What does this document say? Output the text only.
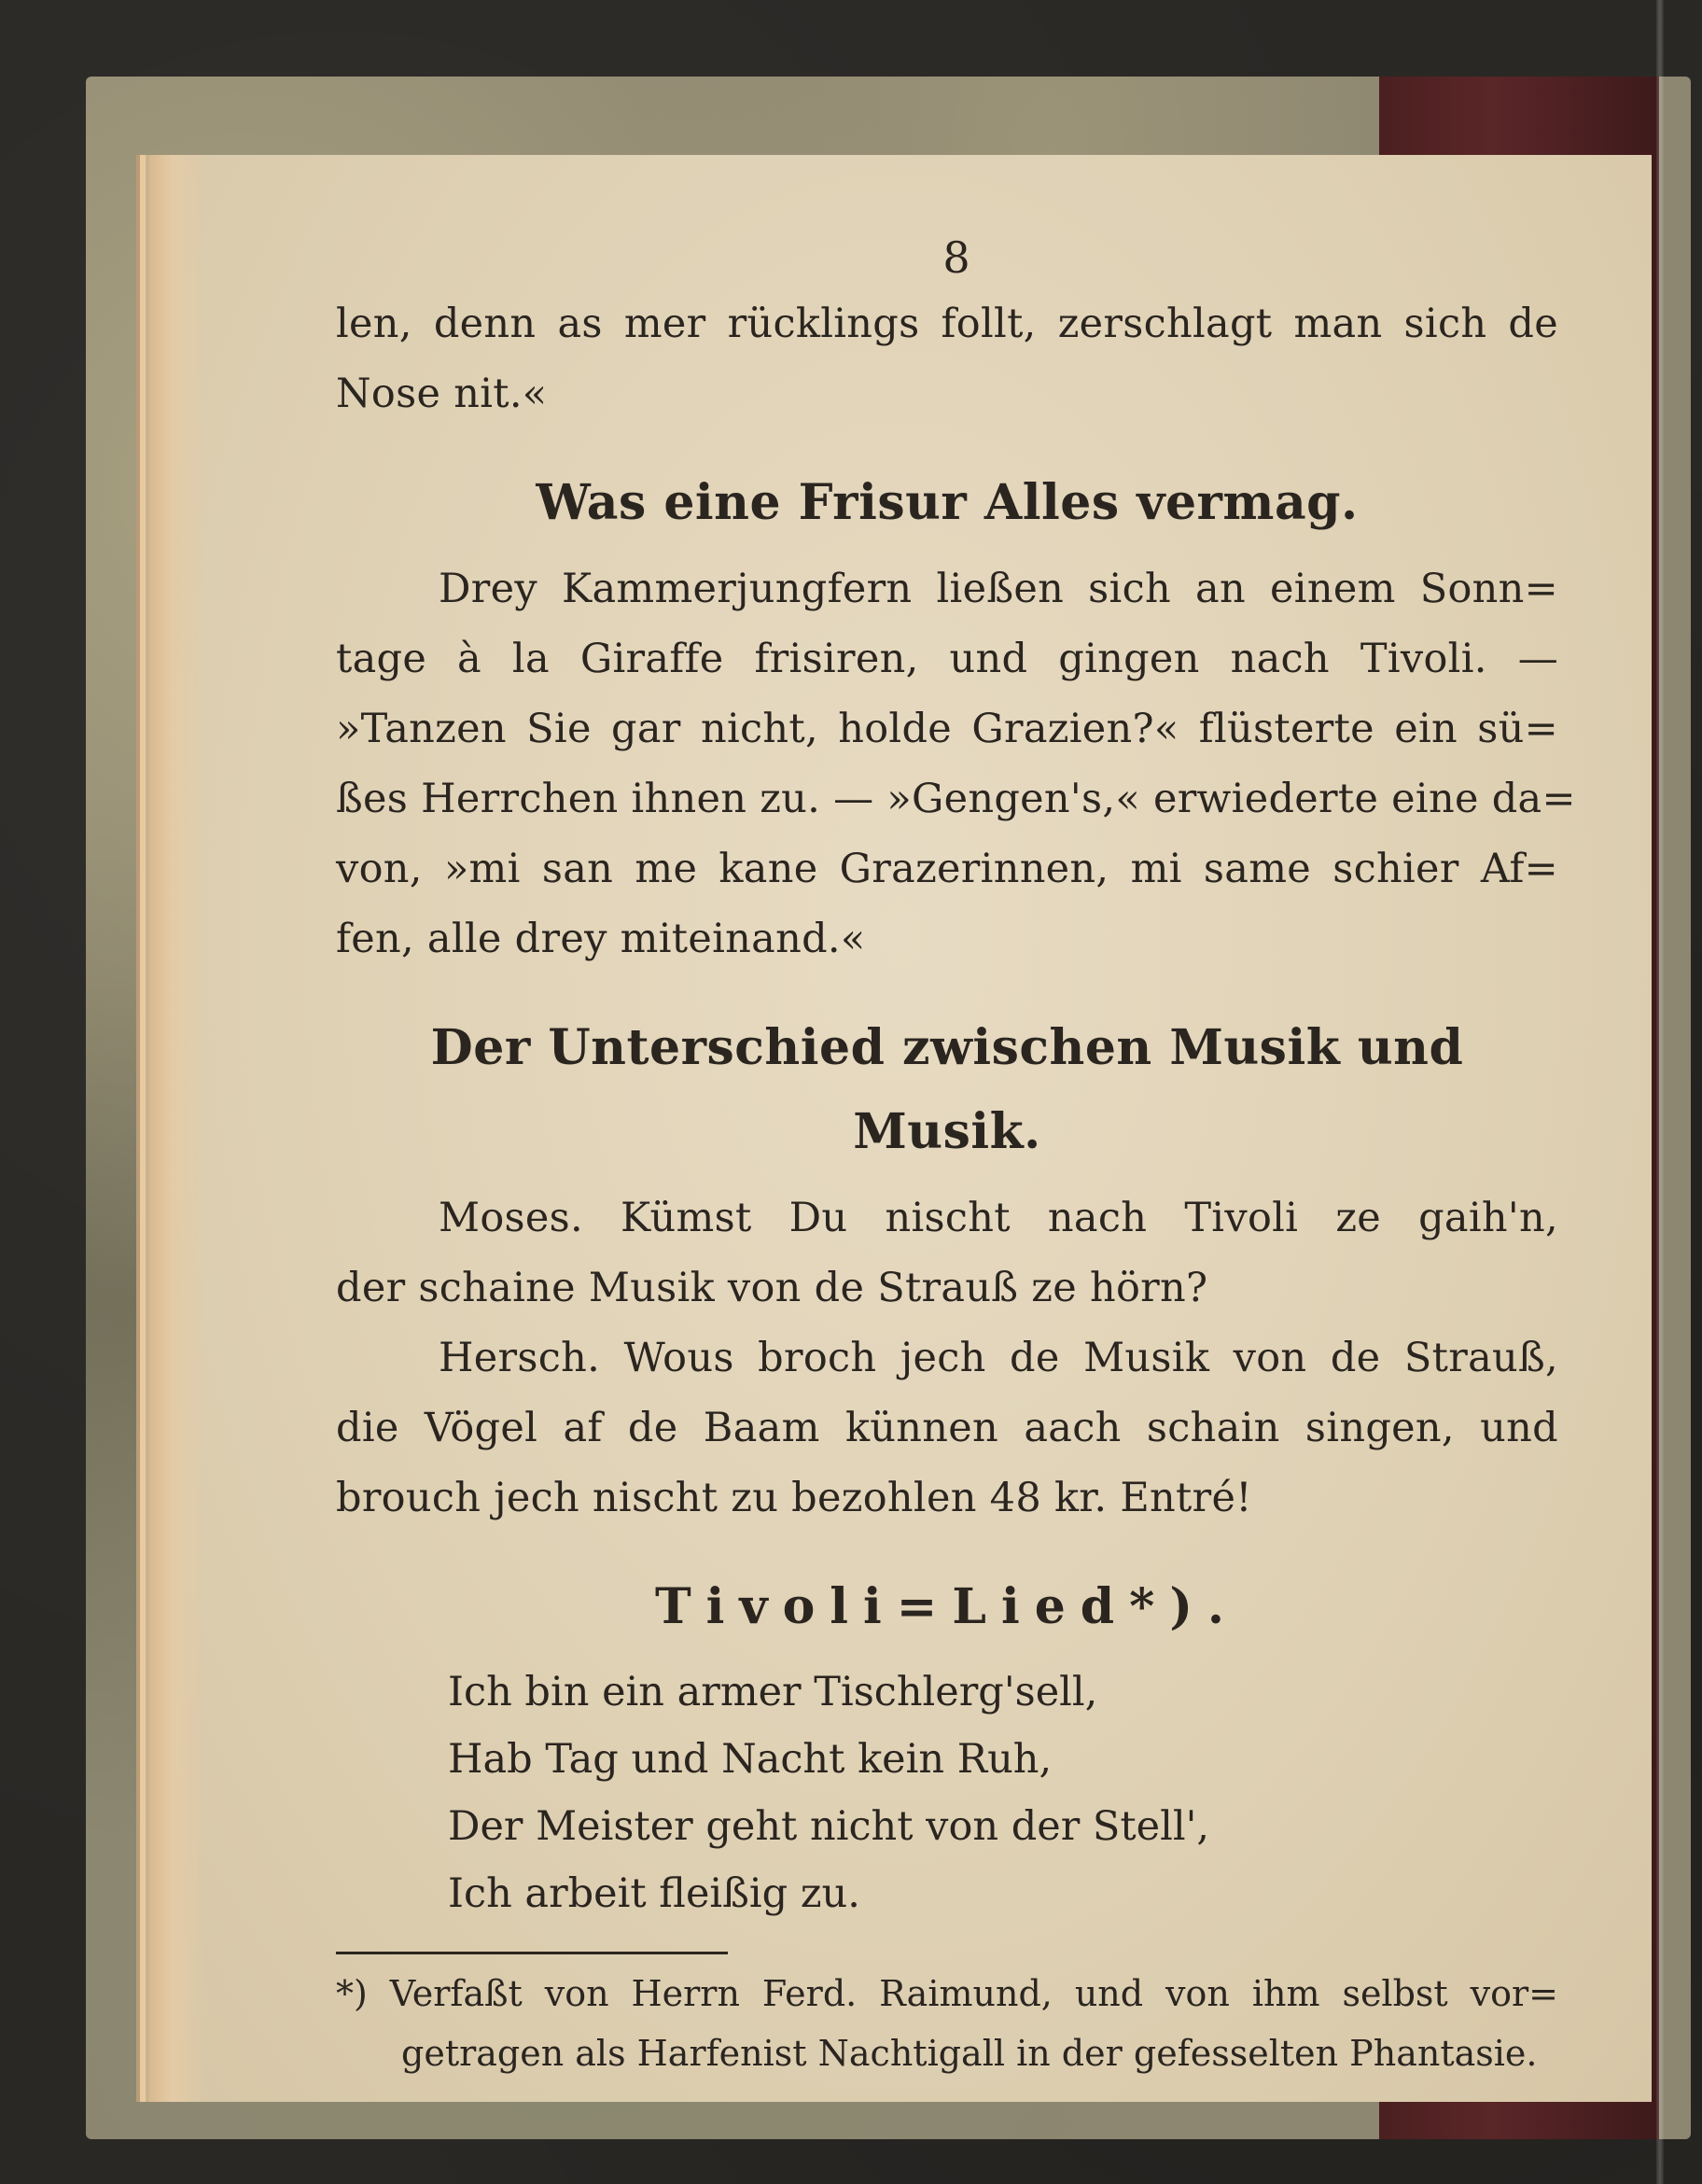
8
len, denn as mer rücklings follt, zerschlagt man sich de
Nose nit.«
Was eine Frisur Alles vermag.
Drey Kammerjungfern ließen sich an einem Sonn=
tage à la Giraffe frisiren, und gingen nach Tivoli. —
»Tanzen Sie gar nicht, holde Grazien?« flüsterte ein sü=
ßes Herrchen ihnen zu. — »Gengen's,« erwiederte eine da=
von, »mi san me kane Grazerinnen, mi same schier Af=
fen, alle drey miteinand.«
Der Unterschied zwischen Musik und Musik.
Moses. Kümst Du nischt nach Tivoli ze gaih'n,
der schaine Musik von de Strauß ze hörn?
Hersch. Wous broch jech de Musik von de Strauß,
die Vögel af de Baam künnen aach schain singen, und
brouch jech nischt zu bezohlen 48 kr. Entré!
Tivoli=Lied*).
Ich bin ein armer Tischlerg'sell,
Hab Tag und Nacht kein Ruh,
Der Meister geht nicht von der Stell',
Ich arbeit fleißig zu.
*) Verfaßt von Herrn Ferd. Raimund, und von ihm selbst vor=
getragen als Harfenist Nachtigall in der gefesselten Phantasie.
